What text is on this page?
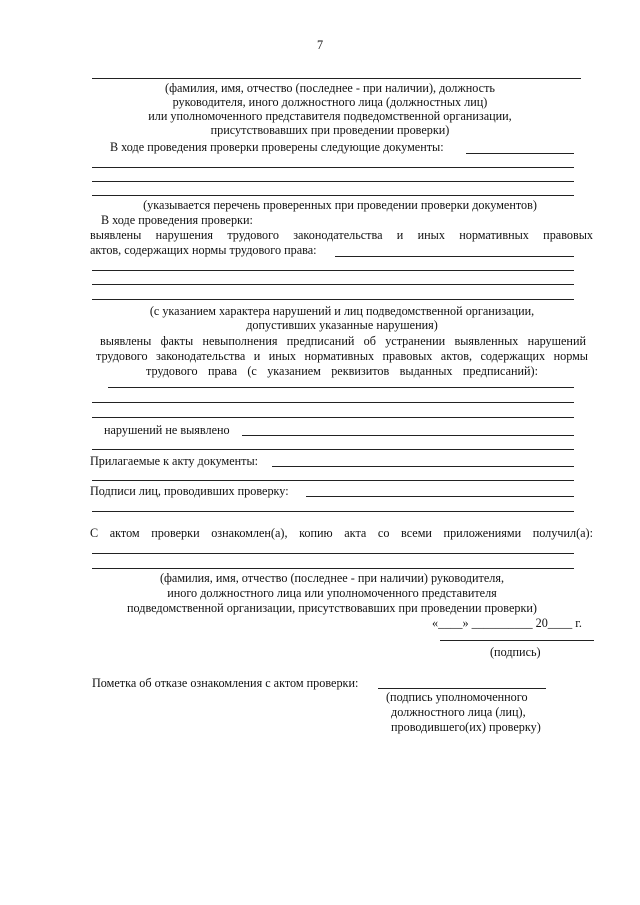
7
(фамилия, имя, отчество (последнее - при наличии), должность
руководителя, иного должностного лица (должностных лиц)
или уполномоченного представителя подведомственной организации,
присутствовавших при проведении проверки)
В ходе проведения проверки проверены следующие документы:
(указывается перечень проверенных при проведении проверки документов)
В ходе проведения проверки:
выявлены нарушения трудового законодательства и иных нормативных правовых
актов, содержащих нормы трудового права:
(с указанием характера нарушений и лиц подведомственной организации,
допустивших указанные нарушения)
выявлены факты невыполнения предписаний об устранении выявленных нарушений
трудового законодательства и иных нормативных правовых актов, содержащих нормы
трудового права (с указанием реквизитов выданных предписаний):
нарушений не выявлено
Прилагаемые к акту документы:
Подписи лиц, проводивших проверку:
С актом проверки ознакомлен(а), копию акта со всеми приложениями получил(а):
(фамилия, имя, отчество (последнее - при наличии) руководителя,
иного должностного лица или уполномоченного представителя
подведомственной организации, присутствовавших при проведении проверки)
«____» __________ 20____ г.
(подпись)
Пометка об отказе ознакомления с актом проверки:
(подпись уполномоченного
должностного лица (лиц),
проводившего(их) проверку)
